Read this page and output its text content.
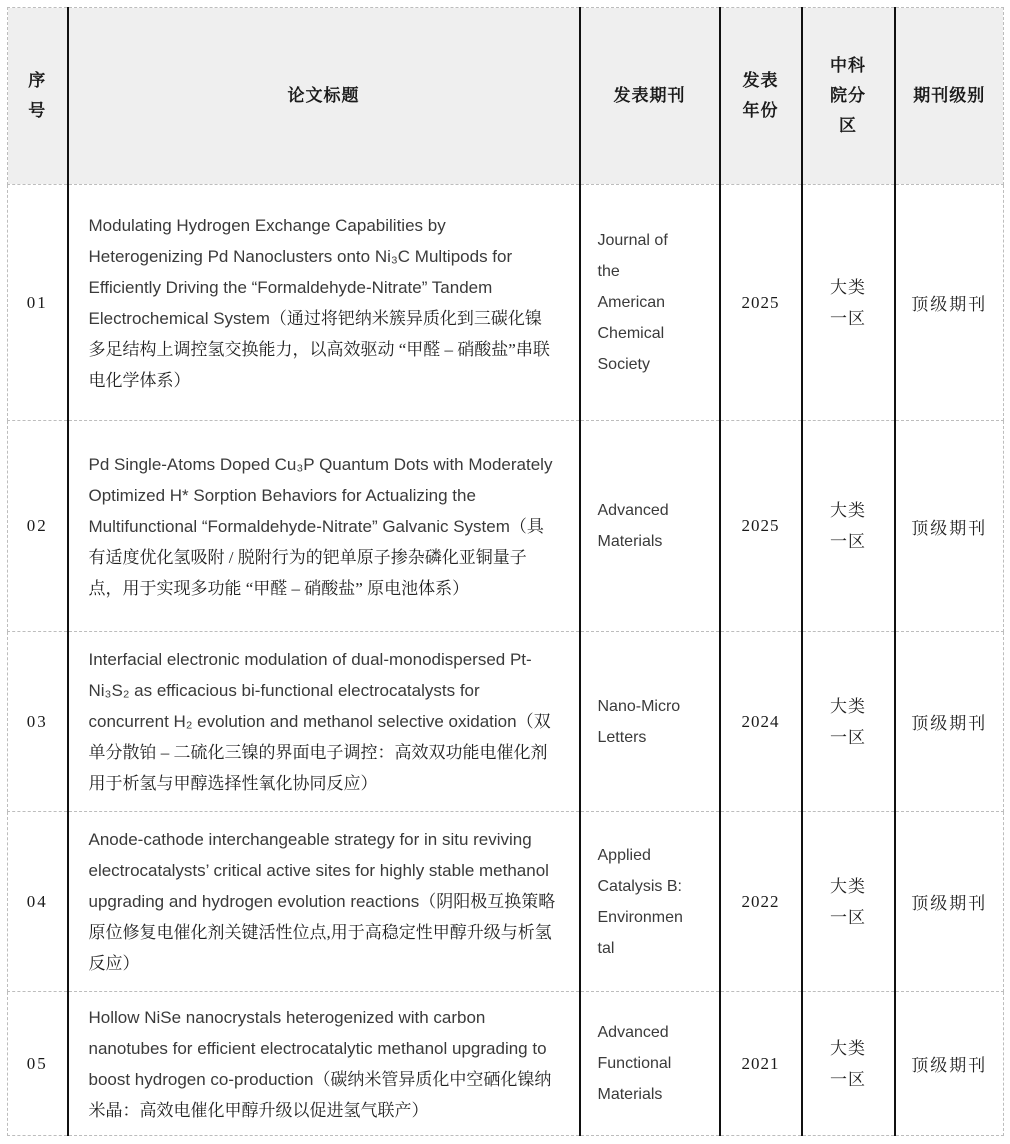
序号	论文标题	发表期刊	发表年份	中科院分区	期刊级别
01	Modulating Hydrogen Exchange Capabilities by Heterogenizing Pd Nanoclusters onto Ni₃C Multipods for Efficiently Driving the “Formaldehyde-Nitrate” Tandem Electrochemical System（通过将钯纳米簇异质化到三碳化镍多足结构上调控氢交换能力，以高效驱动 “甲醛 – 硝酸盐”串联电化学体系）	Journal of the American Chemical Society	2025	大类一区	顶级期刊
02	Pd Single-Atoms Doped Cu₃P Quantum Dots with Moderately Optimized H* Sorption Behaviors for Actualizing the Multifunctional “Formaldehyde-Nitrate” Galvanic System（具有适度优化氢吸附 / 脱附行为的钯单原子掺杂磷化亚铜量子点，用于实现多功能 “甲醛 – 硝酸盐” 原电池体系）	Advanced Materials	2025	大类一区	顶级期刊
03	Interfacial electronic modulation of dual-monodispersed Pt-Ni₃S₂ as efficacious bi-functional electrocatalysts for concurrent H₂ evolution and methanol selective oxidation（双单分散铂 – 二硫化三镍的界面电子调控：高效双功能电催化剂用于析氢与甲醇选择性氧化协同反应）	Nano-Micro Letters	2024	大类一区	顶级期刊
04	Anode-cathode interchangeable strategy for in situ reviving electrocatalysts’ critical active sites for highly stable methanol upgrading and hydrogen evolution reactions（阴阳极互换策略原位修复电催化剂关键活性位点,用于高稳定性甲醇升级与析氢反应）	Applied Catalysis B: Environmental	2022	大类一区	顶级期刊
05	Hollow NiSe nanocrystals heterogenized with carbon nanotubes for efficient electrocatalytic methanol upgrading to boost hydrogen co-production（碳纳米管异质化中空硒化镍纳米晶：高效电催化甲醇升级以促进氢气联产）	Advanced Functional Materials	2021	大类一区	顶级期刊
